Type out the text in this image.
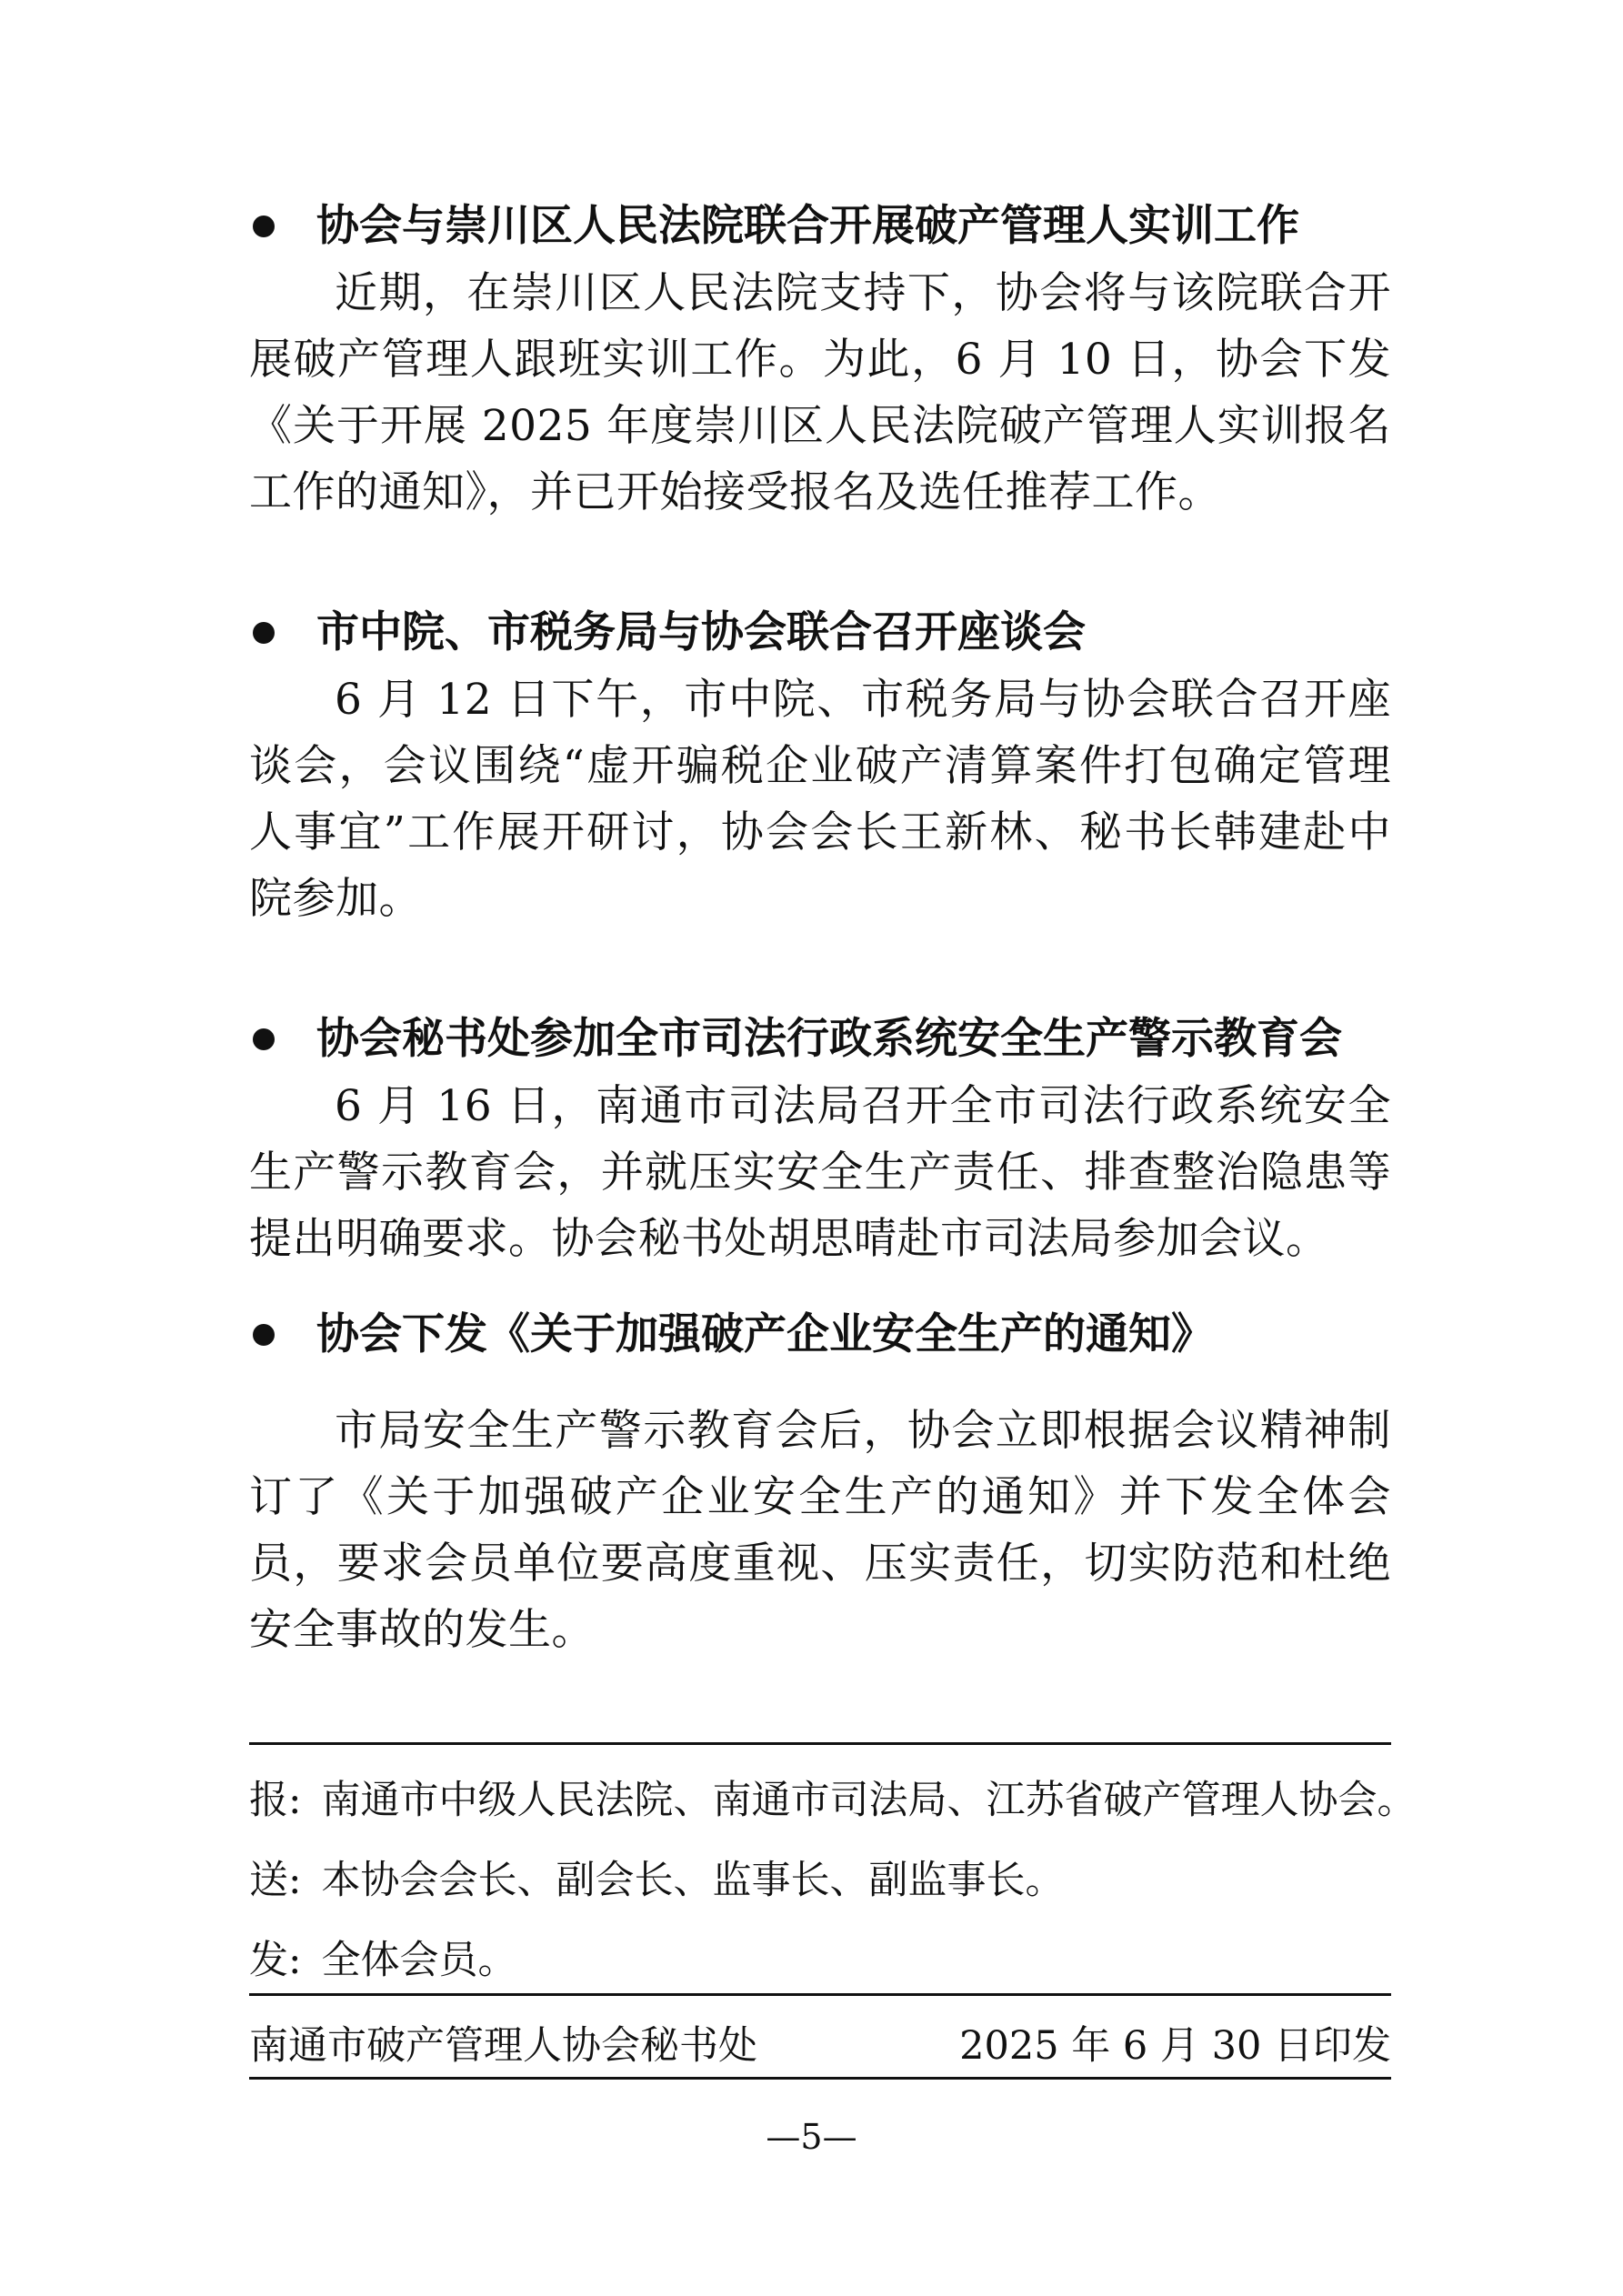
协会与崇川区人民法院联合开展破产管理人实训工作

近期，在崇川区人民法院支持下，协会将与该院联合开展破产管理人跟班实训工作。为此，6 月 10 日，协会下发《关于开展 2025 年度崇川区人民法院破产管理人实训报名工作的通知》，并已开始接受报名及选任推荐工作。

市中院、市税务局与协会联合召开座谈会

6 月 12 日下午，市中院、市税务局与协会联合召开座谈会，会议围绕“虚开骗税企业破产清算案件打包确定管理人事宜”工作展开研讨，协会会长王新林、秘书长韩建赴中院参加。

协会秘书处参加全市司法行政系统安全生产警示教育会

6 月 16 日，南通市司法局召开全市司法行政系统安全生产警示教育会，并就压实安全生产责任、排查整治隐患等提出明确要求。协会秘书处胡思晴赴市司法局参加会议。

协会下发《关于加强破产企业安全生产的通知》

市局安全生产警示教育会后，协会立即根据会议精神制订了《关于加强破产企业安全生产的通知》并下发全体会员，要求会员单位要高度重视、压实责任，切实防范和杜绝安全事故的发生。

报: 南通市中级人民法院、南通市司法局、江苏省破产管理人协会。
送: 本协会会长、副会长、监事长、副监事长。
发: 全体会员。
南通市破产管理人协会秘书处	2025 年 6 月 30 日印发
—5—
